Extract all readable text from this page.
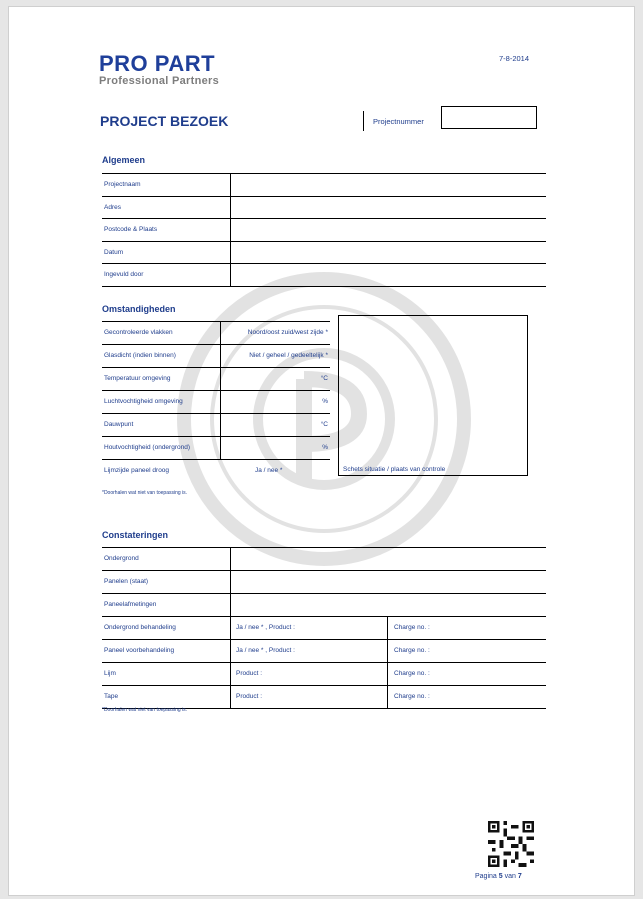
PRO PART
Professional Partners
7-8-2014
PROJECT BEZOEK	Projectnummer
Algemeen
Projectnaam
Adres
Postcode & Plaats
Datum
Ingevuld door
Omstandigheden
Gecontroleerde vlakken	Noord/oost zuid/west zijde *
Glasdicht (indien binnen)	Niet / geheel / gedeeltelijk *
Temperatuur omgeving	°C
Luchtvochtigheid omgeving	%
Dauwpunt	°C
Houtvochtigheid (ondergrond)	%
Lijmzijde paneel droog	Ja / nee *	Schets situatie / plaats van controle
*Doorhalen wat niet van toepassing is.
Constateringen
Ondergrond
Panelen (staat)
Paneelafmetingen
Ondergrond behandeling	Ja / nee * , Product :	Charge no. :
Paneel voorbehandeling	Ja / nee * , Product :	Charge no. :
Lijm	Product :	Charge no. :
Tape	Product :	Charge no. :
*Doorhalen wat niet van toepassing is.
Pagina 5 van 7
